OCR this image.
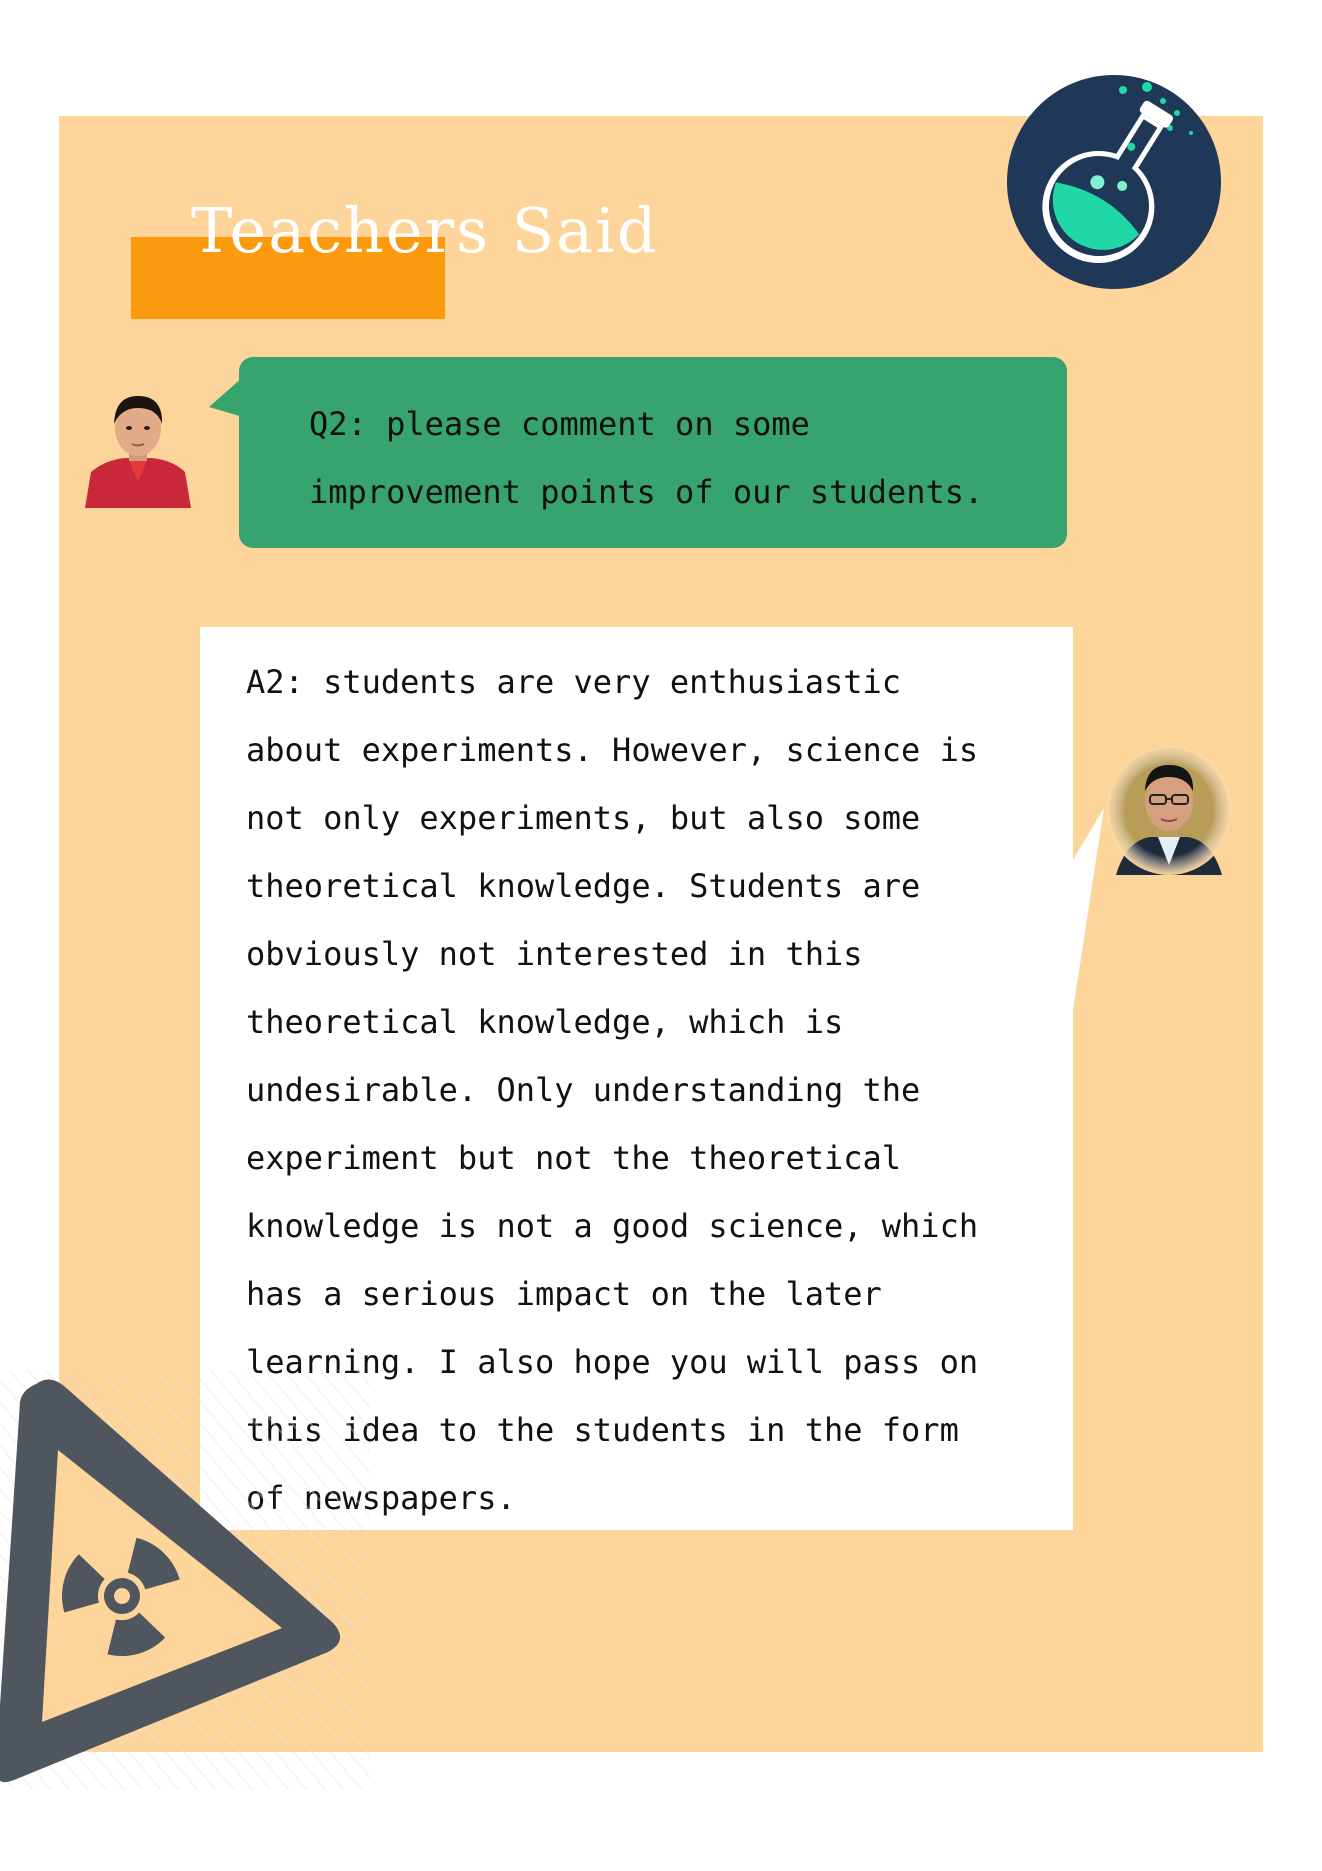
Teachers Said
Q2: please comment on some
improvement points of our students.
A2: students are very enthusiastic
about experiments. However, science is
not only experiments, but also some
theoretical knowledge. Students are
obviously not interested in this
theoretical knowledge, which is
undesirable. Only understanding the
experiment but not the theoretical
knowledge is not a good science, which
has a serious impact on the later
learning. I also hope you will pass on
this idea to the students in the form
of newspapers.
